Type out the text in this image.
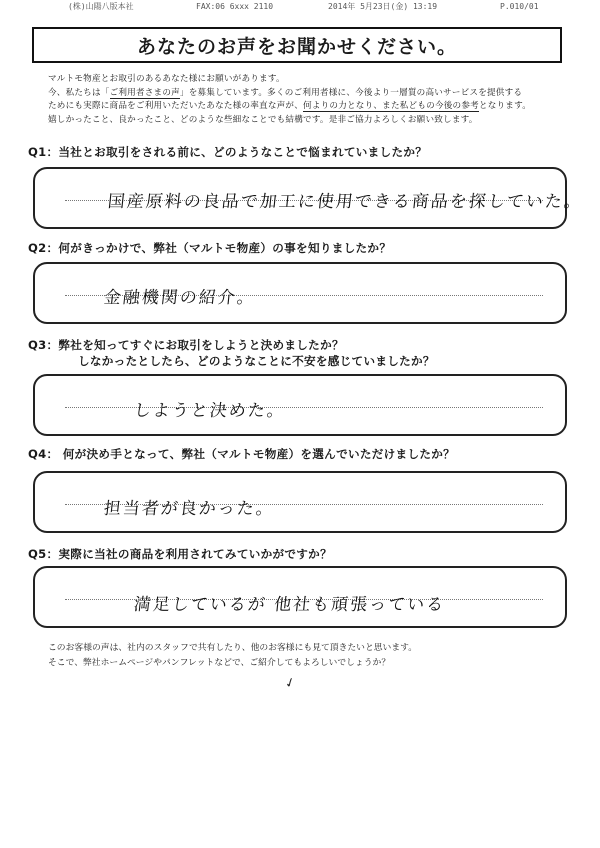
(株)山陽八版本社	FAX:06 6xxx 2110	2014年 5月23日(金) 13:19	P.010/01
あなたのお声をお聞かせください。

マルトモ物産とお取引のあるあなた様にお願いがあります。

今、私たちは「ご利用者さまの声」を募集しています。多くのご利用者様に、今後より一層質の高いサービスを提供する

ためにも実際に商品をご利用いただいたあなた様の率直な声が、何よりの力となり、また私どもの今後の参考となります。

嬉しかったこと、良かったこと、どのような些細なことでも結構です。是非ご協力よろしくお願い致します。

Q1：当社とお取引をされる前に、どのようなことで悩まれていましたか？
国産原料の良品で加工に使用できる商品を探していた。
Q2：何がきっかけで、弊社（マルトモ物産）の事を知りましたか？
金融機関の紹介。
Q3：弊社を知ってすぐにお取引をしようと決めましたか？
しなかったとしたら、どのようなことに不安を感じていましたか？
しようと決めた。
Q4： 何が決め手となって、弊社（マルトモ物産）を選んでいただけましたか？
担当者が良かった。
Q5：実際に当社の商品を利用されてみていかがですか？
満足しているが 他社も頑張っている

このお客様の声は、社内のスタッフで共有したり、他のお客様にも見て頂きたいと思います。

そこで、弊社ホームページやパンフレットなどで、ご紹介してもよろしいでしょうか？

✓
